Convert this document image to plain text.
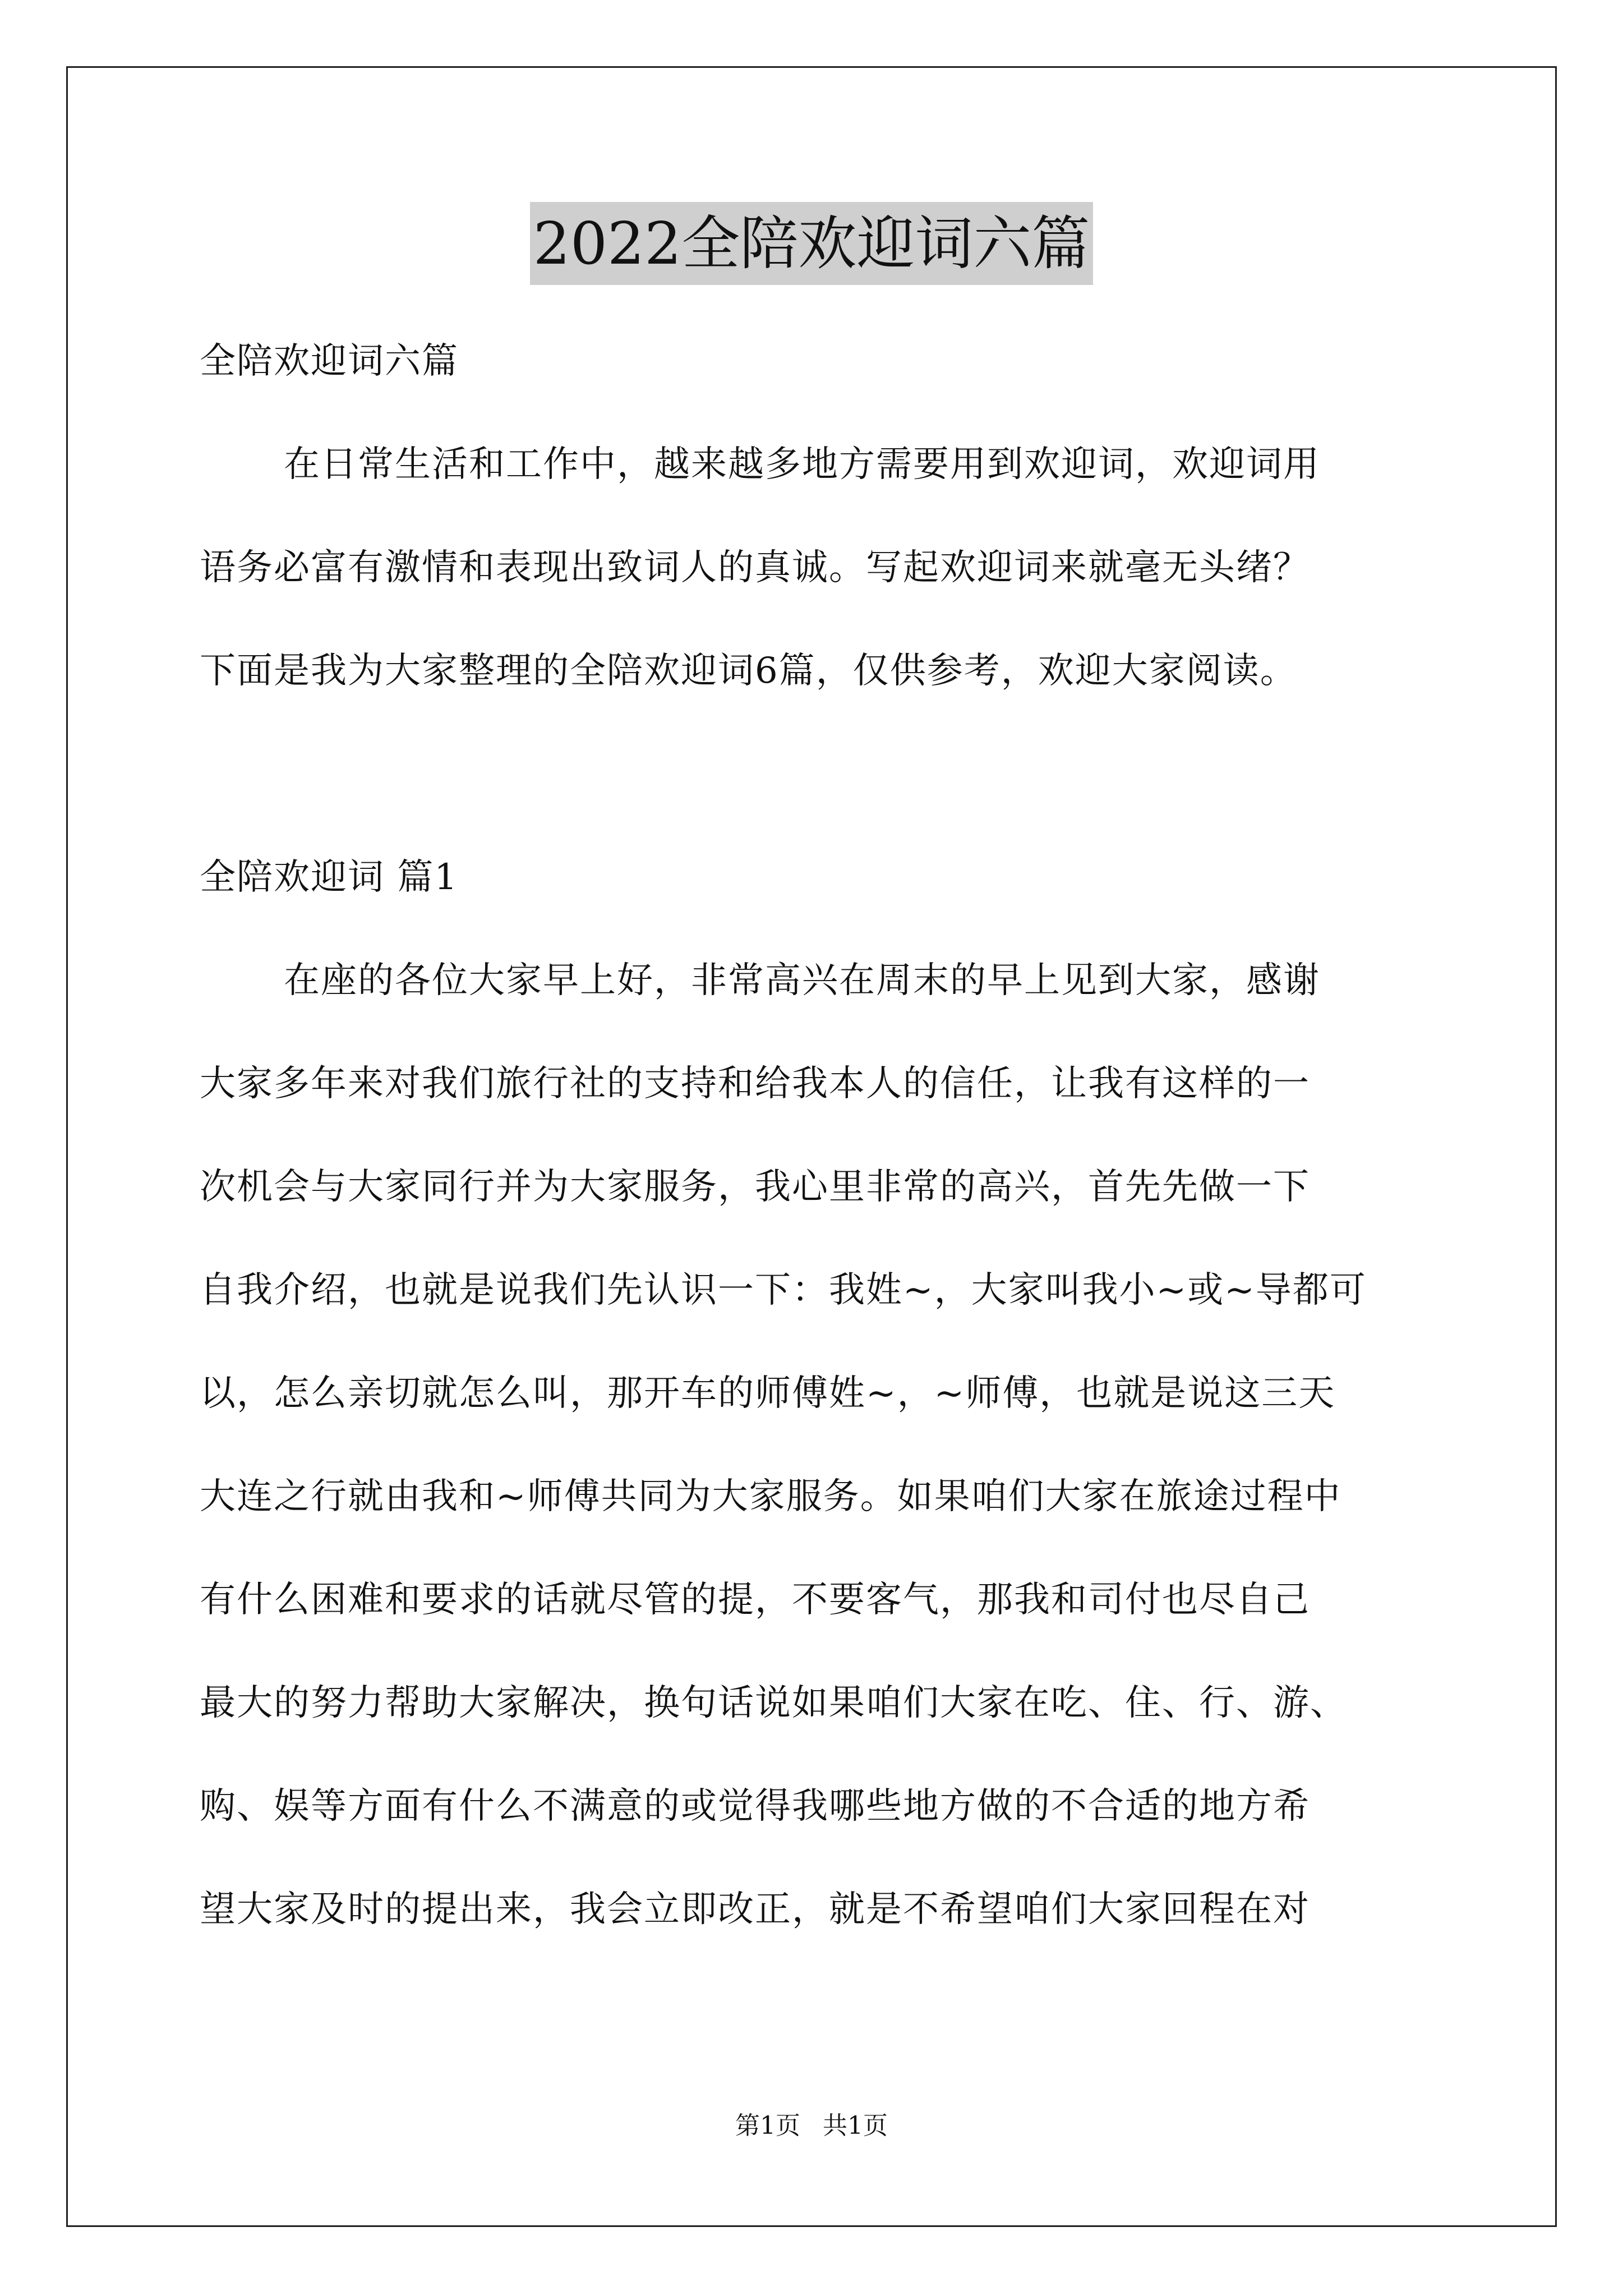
2022全陪欢迎词六篇
全陪欢迎词六篇
在日常生活和工作中，越来越多地方需要用到欢迎词，欢迎词用
语务必富有激情和表现出致词人的真诚。写起欢迎词来就毫无头绪？
下面是我为大家整理的全陪欢迎词6篇，仅供参考，欢迎大家阅读。
全陪欢迎词 篇1
在座的各位大家早上好，非常高兴在周末的早上见到大家，感谢
大家多年来对我们旅行社的支持和给我本人的信任，让我有这样的一
次机会与大家同行并为大家服务，我心里非常的高兴，首先先做一下
自我介绍，也就是说我们先认识一下：我姓~，大家叫我小~或~导都可
以，怎么亲切就怎么叫，那开车的师傅姓~，~师傅，也就是说这三天
大连之行就由我和~师傅共同为大家服务。如果咱们大家在旅途过程中
有什么困难和要求的话就尽管的提，不要客气，那我和司付也尽自己
最大的努力帮助大家解决，换句话说如果咱们大家在吃、住、行、游、
购、娱等方面有什么不满意的或觉得我哪些地方做的不合适的地方希
望大家及时的提出来，我会立即改正，就是不希望咱们大家回程在对
第1页 共1页
